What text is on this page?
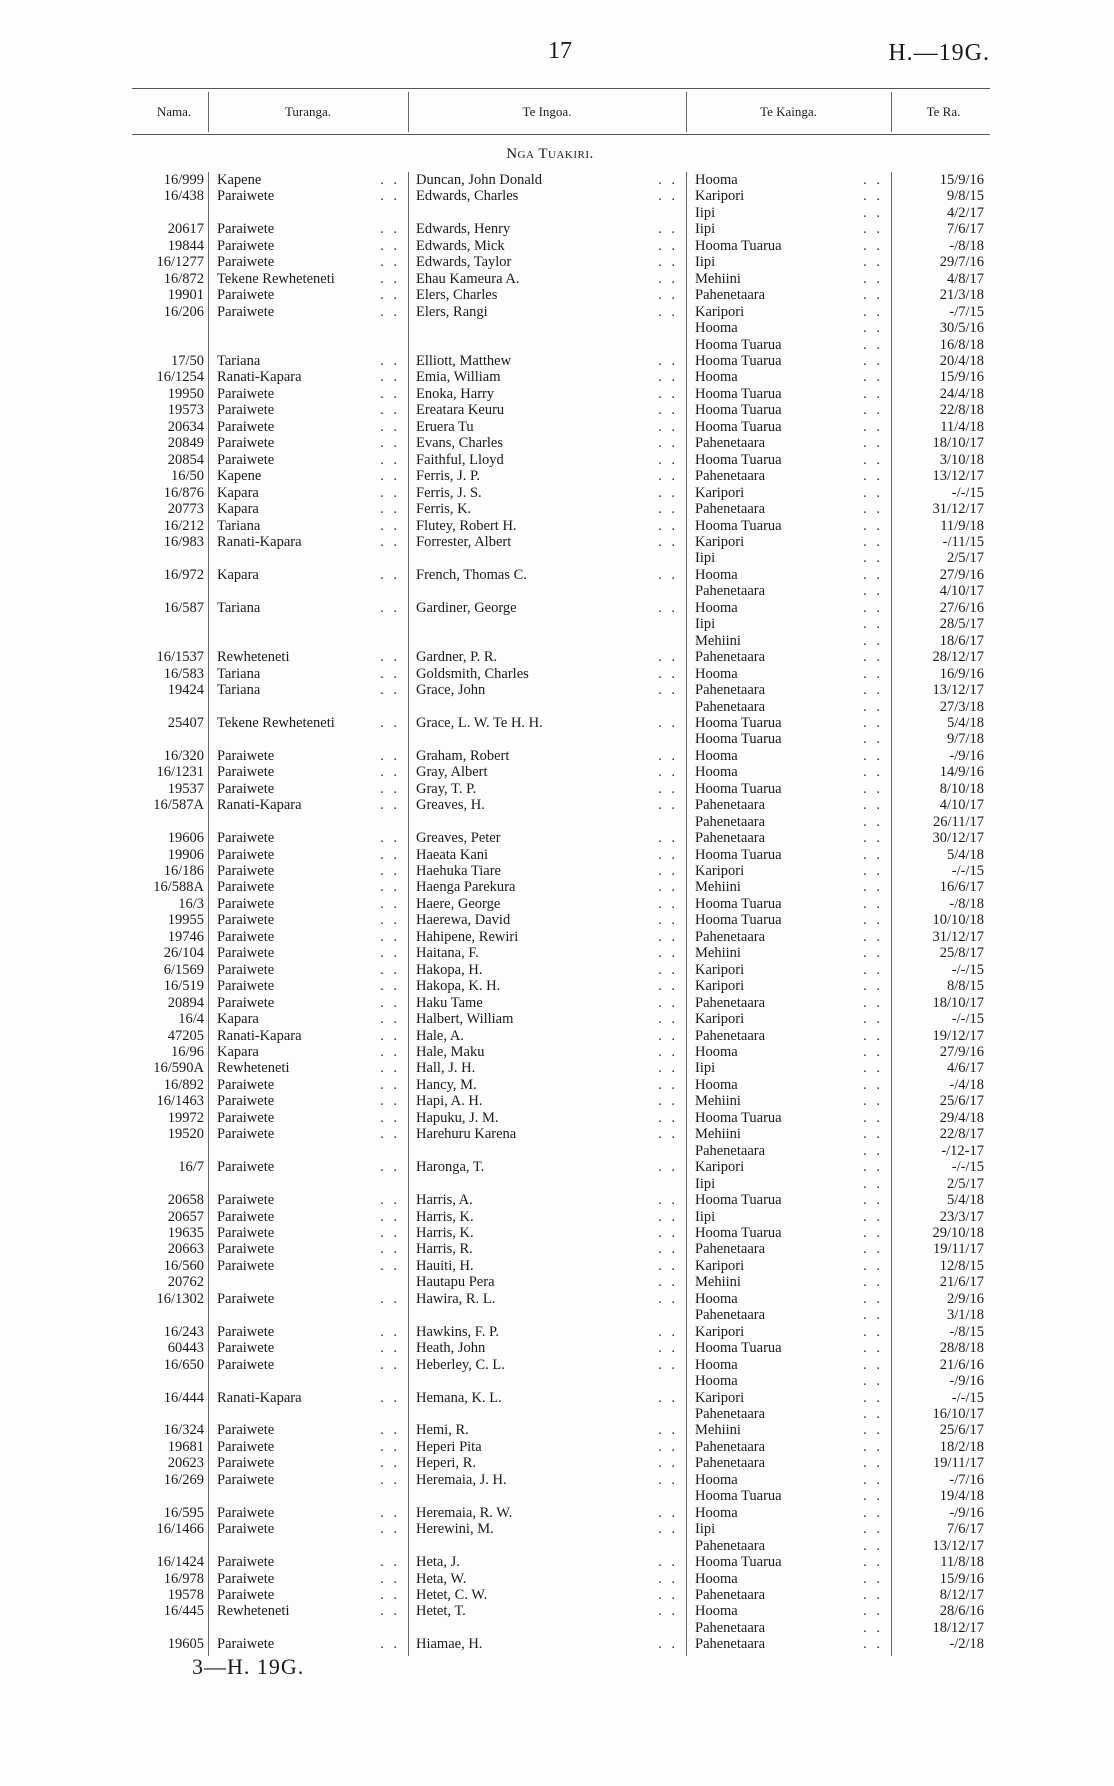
17	H.—19G.
Nama.	Turanga.	Te Ingoa.	Te Kainga.	Te Ra.
Nga Tuakiri.
16/999	Kapene . .	Duncan, John Donald . .	Hooma . .	15/9/16
16/438	Paraiwete . .	Edwards, Charles . .	Karipori . .	9/8/15
			Iipi . .	4/2/17
20617	Paraiwete . .	Edwards, Henry . .	Iipi . .	7/6/17
19844	Paraiwete . .	Edwards, Mick . .	Hooma Tuarua . .	-/8/18
16/1277	Paraiwete . .	Edwards, Taylor . .	Iipi . .	29/7/16
16/872	Tekene Rewheteneti . .	Ehau Kameura A. . .	Mehiini . .	4/8/17
19901	Paraiwete . .	Elers, Charles . .	Pahenetaara . .	21/3/18
16/206	Paraiwete . .	Elers, Rangi . .	Karipori . .	-/7/15
			Hooma . .	30/5/16
			Hooma Tuarua . .	16/8/18
17/50	Tariana . .	Elliott, Matthew . .	Hooma Tuarua . .	20/4/18
16/1254	Ranati-Kapara . .	Emia, William . .	Hooma . .	15/9/16
19950	Paraiwete . .	Enoka, Harry . .	Hooma Tuarua . .	24/4/18
19573	Paraiwete . .	Ereatara Keuru . .	Hooma Tuarua . .	22/8/18
20634	Paraiwete . .	Eruera Tu . .	Hooma Tuarua . .	11/4/18
20849	Paraiwete . .	Evans, Charles . .	Pahenetaara . .	18/10/17
20854	Paraiwete . .	Faithful, Lloyd . .	Hooma Tuarua . .	3/10/18
16/50	Kapene . .	Ferris, J. P. . .	Pahenetaara . .	13/12/17
16/876	Kapara . .	Ferris, J. S. . .	Karipori . .	-/-/15
20773	Kapara . .	Ferris, K. . .	Pahenetaara . .	31/12/17
16/212	Tariana . .	Flutey, Robert H. . .	Hooma Tuarua . .	11/9/18
16/983	Ranati-Kapara . .	Forrester, Albert . .	Karipori . .	-/11/15
			Iipi . .	2/5/17
16/972	Kapara . .	French, Thomas C. . .	Hooma . .	27/9/16
			Pahenetaara . .	4/10/17
16/587	Tariana . .	Gardiner, George . .	Hooma . .	27/6/16
			Iipi . .	28/5/17
			Mehiini . .	18/6/17
16/1537	Rewheteneti . .	Gardner, P. R. . .	Pahenetaara . .	28/12/17
16/583	Tariana . .	Goldsmith, Charles . .	Hooma . .	16/9/16
19424	Tariana . .	Grace, John . .	Pahenetaara . .	13/12/17
			Pahenetaara . .	27/3/18
25407	Tekene Rewheteneti . .	Grace, L. W. Te H. H. . .	Hooma Tuarua . .	5/4/18
			Hooma Tuarua . .	9/7/18
16/320	Paraiwete . .	Graham, Robert . .	Hooma . .	-/9/16
16/1231	Paraiwete . .	Gray, Albert . .	Hooma . .	14/9/16
19537	Paraiwete . .	Gray, T. P. . .	Hooma Tuarua . .	8/10/18
16/587A	Ranati-Kapara . .	Greaves, H. . .	Pahenetaara . .	4/10/17
			Pahenetaara . .	26/11/17
19606	Paraiwete . .	Greaves, Peter . .	Pahenetaara . .	30/12/17
19906	Paraiwete . .	Haeata Kani . .	Hooma Tuarua . .	5/4/18
16/186	Paraiwete . .	Haehuka Tiare . .	Karipori . .	-/-/15
16/588A	Paraiwete . .	Haenga Parekura . .	Mehiini . .	16/6/17
16/3	Paraiwete . .	Haere, George . .	Hooma Tuarua . .	-/8/18
19955	Paraiwete . .	Haerewa, David . .	Hooma Tuarua . .	10/10/18
19746	Paraiwete . .	Hahipene, Rewiri . .	Pahenetaara . .	31/12/17
26/104	Paraiwete . .	Haitana, F. . .	Mehiini . .	25/8/17
6/1569	Paraiwete . .	Hakopa, H. . .	Karipori . .	-/-/15
16/519	Paraiwete . .	Hakopa, K. H. . .	Karipori . .	8/8/15
20894	Paraiwete . .	Haku Tame . .	Pahenetaara . .	18/10/17
16/4	Kapara . .	Halbert, William . .	Karipori . .	-/-/15
47205	Ranati-Kapara . .	Hale, A. . .	Pahenetaara . .	19/12/17
16/96	Kapara . .	Hale, Maku . .	Hooma . .	27/9/16
16/590A	Rewheteneti . .	Hall, J. H. . .	Iipi . .	4/6/17
16/892	Paraiwete . .	Hancy, M. . .	Hooma . .	-/4/18
16/1463	Paraiwete . .	Hapi, A. H. . .	Mehiini . .	25/6/17
19972	Paraiwete . .	Hapuku, J. M. . .	Hooma Tuarua . .	29/4/18
19520	Paraiwete . .	Harehuru Karena . .	Mehiini . .	22/8/17
			Pahenetaara . .	-/12-17
16/7	Paraiwete . .	Haronga, T. . .	Karipori . .	-/-/15
			Iipi . .	2/5/17
20658	Paraiwete . .	Harris, A. . .	Hooma Tuarua . .	5/4/18
20657	Paraiwete . .	Harris, K. . .	Iipi . .	23/3/17
19635	Paraiwete . .	Harris, K. . .	Hooma Tuarua . .	29/10/18
20663	Paraiwete . .	Harris, R. . .	Pahenetaara . .	19/11/17
16/560	Paraiwete . .	Hauiti, H. . .	Karipori . .	12/8/15
20762		Hautapu Pera . .	Mehiini . .	21/6/17
16/1302	Paraiwete . .	Hawira, R. L. . .	Hooma . .	2/9/16
			Pahenetaara . .	3/1/18
16/243	Paraiwete . .	Hawkins, F. P. . .	Karipori . .	-/8/15
60443	Paraiwete . .	Heath, John . .	Hooma Tuarua . .	28/8/18
16/650	Paraiwete . .	Heberley, C. L. . .	Hooma . .	21/6/16
			Hooma . .	-/9/16
16/444	Ranati-Kapara . .	Hemana, K. L. . .	Karipori . .	-/-/15
			Pahenetaara . .	16/10/17
16/324	Paraiwete . .	Hemi, R. . .	Mehiini . .	25/6/17
19681	Paraiwete . .	Heperi Pita . .	Pahenetaara . .	18/2/18
20623	Paraiwete . .	Heperi, R. . .	Pahenetaara . .	19/11/17
16/269	Paraiwete . .	Heremaia, J. H. . .	Hooma . .	-/7/16
			Hooma Tuarua . .	19/4/18
16/595	Paraiwete . .	Heremaia, R. W. . .	Hooma . .	-/9/16
16/1466	Paraiwete . .	Herewini, M. . .	Iipi . .	7/6/17
			Pahenetaara . .	13/12/17
16/1424	Paraiwete . .	Heta, J. . .	Hooma Tuarua . .	11/8/18
16/978	Paraiwete . .	Heta, W. . .	Hooma . .	15/9/16
19578	Paraiwete . .	Hetet, C. W. . .	Pahenetaara . .	8/12/17
16/445	Rewheteneti . .	Hetet, T. . .	Hooma . .	28/6/16
			Pahenetaara . .	18/12/17
19605	Paraiwete . .	Hiamae, H. . .	Pahenetaara . .	-/2/18
3—H. 19G.
